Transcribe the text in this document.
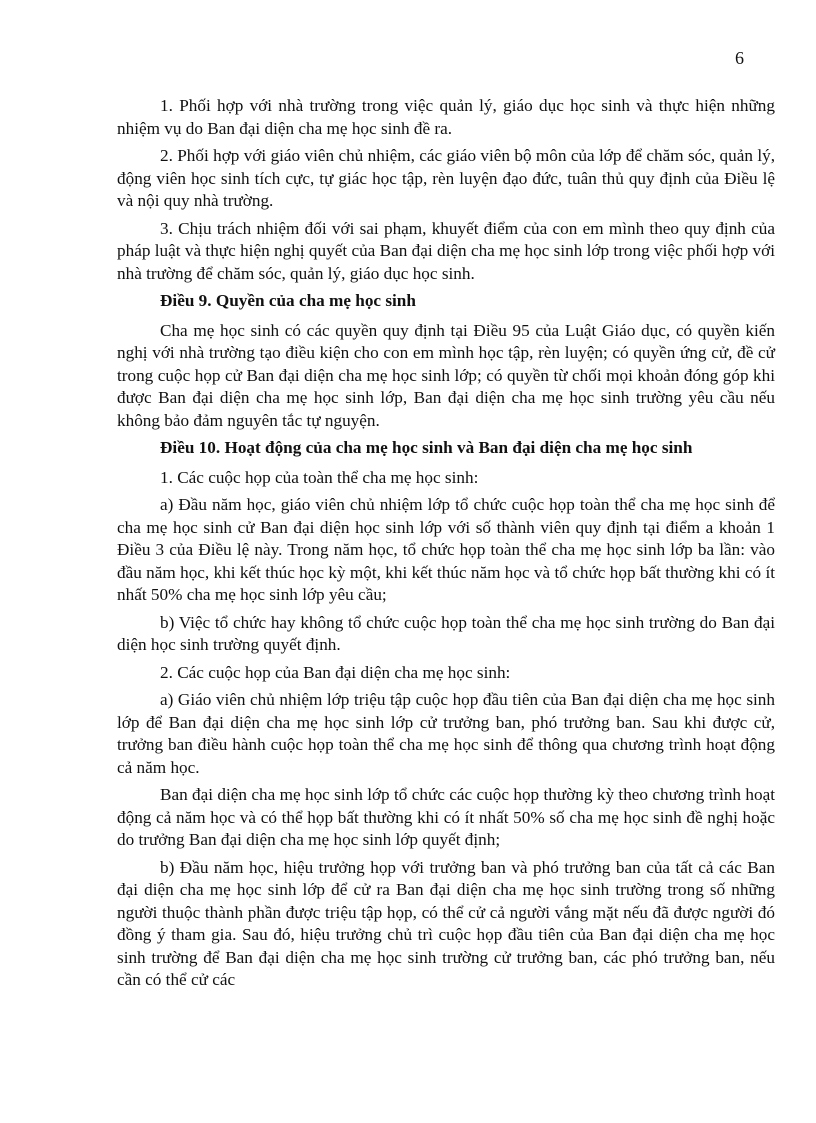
6

1. Phối hợp với nhà trường trong việc quản lý, giáo dục học sinh và thực hiện những nhiệm vụ do Ban đại diện cha mẹ học sinh đề ra.

2. Phối hợp với giáo viên chủ nhiệm, các giáo viên bộ môn của lớp để chăm sóc, quản lý, động viên học sinh tích cực, tự giác học tập, rèn luyện đạo đức, tuân thủ quy định của Điều lệ và nội quy nhà trường.

3. Chịu trách nhiệm đối với sai phạm, khuyết điểm của con em mình theo quy định của pháp luật và thực hiện nghị quyết của Ban đại diện cha mẹ học sinh lớp trong việc phối hợp với nhà trường để chăm sóc, quản lý, giáo dục học sinh.

Điều 9. Quyền của cha mẹ học sinh

Cha mẹ học sinh có các quyền quy định tại Điều 95 của Luật Giáo dục, có quyền kiến nghị với nhà trường tạo điều kiện cho con em mình học tập, rèn luyện; có quyền ứng cử, đề cử trong cuộc họp cử Ban đại diện cha mẹ học sinh lớp; có quyền từ chối mọi khoản đóng góp khi được Ban đại diện cha mẹ học sinh lớp, Ban đại diện cha mẹ học sinh trường yêu cầu nếu không bảo đảm nguyên tắc tự nguyện.

Điều 10. Hoạt động của cha mẹ học sinh và Ban đại diện cha mẹ học sinh

1. Các cuộc họp của toàn thể cha mẹ học sinh:

a) Đầu năm học, giáo viên chủ nhiệm lớp tổ chức cuộc họp toàn thể cha mẹ học sinh để cha mẹ học sinh cử Ban đại diện học sinh lớp với số thành viên quy định tại điểm a khoản 1 Điều 3 của Điều lệ này. Trong năm học, tổ chức họp toàn thể cha mẹ học sinh lớp ba lần: vào đầu năm học, khi kết thúc học kỳ một, khi kết thúc năm học và tổ chức họp bất thường khi có ít nhất 50% cha mẹ học sinh lớp yêu cầu;

b) Việc tổ chức hay không tổ chức cuộc họp toàn thể cha mẹ học sinh trường do Ban đại diện học sinh trường quyết định.

2. Các cuộc họp của Ban đại diện cha mẹ học sinh:

a) Giáo viên chủ nhiệm lớp triệu tập cuộc họp đầu tiên của Ban đại diện cha mẹ học sinh lớp để Ban đại diện cha mẹ học sinh lớp cử trưởng ban, phó trưởng ban. Sau khi được cử, trưởng ban điều hành cuộc họp toàn thể cha mẹ học sinh để thông qua chương trình hoạt động cả năm học.

Ban đại diện cha mẹ học sinh lớp tổ chức các cuộc họp thường kỳ theo chương trình hoạt động cả năm học và có thể họp bất thường khi có ít nhất 50% số cha mẹ học sinh đề nghị hoặc do trưởng Ban đại diện cha mẹ học sinh lớp quyết định;

b) Đầu năm học, hiệu trưởng họp với trưởng ban và phó trưởng ban của tất cả các Ban đại diện cha mẹ học sinh lớp để cử ra Ban đại diện cha mẹ học sinh trường trong số những người thuộc thành phần được triệu tập họp, có thể cử cả người vắng mặt nếu đã được người đó đồng ý tham gia. Sau đó, hiệu trưởng chủ trì cuộc họp đầu tiên của Ban đại diện cha mẹ học sinh trường để Ban đại diện cha mẹ học sinh trường cử trưởng ban, các phó trưởng ban, nếu cần có thể cử các
